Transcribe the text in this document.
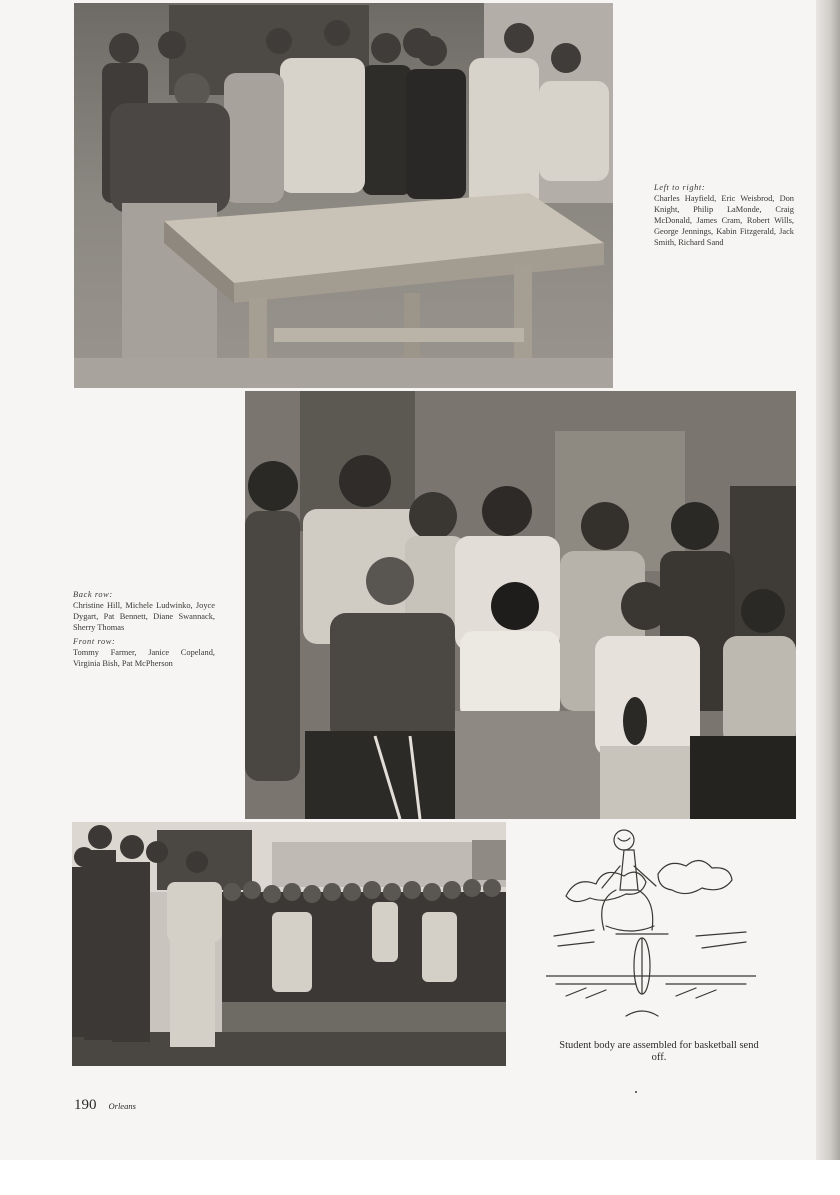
Left to right:
Charles Hayfield, Eric Weisbrod, Don Knight, Philip LaMonde, Craig McDonald, James Cram, Robert Wills, George Jennings, Kabin Fitzgerald, Jack Smith, Richard Sand
Back row:
Christine Hill, Michele Ludwinko, Joyce Dygart, Pat Bennett, Diane Swannack, Sherry Thomas
Front row:
Tommy Farmer, Janice Copeland, Virginia Bish, Pat McPherson
Student body are assembled for basketball send off.
190 Orleans
